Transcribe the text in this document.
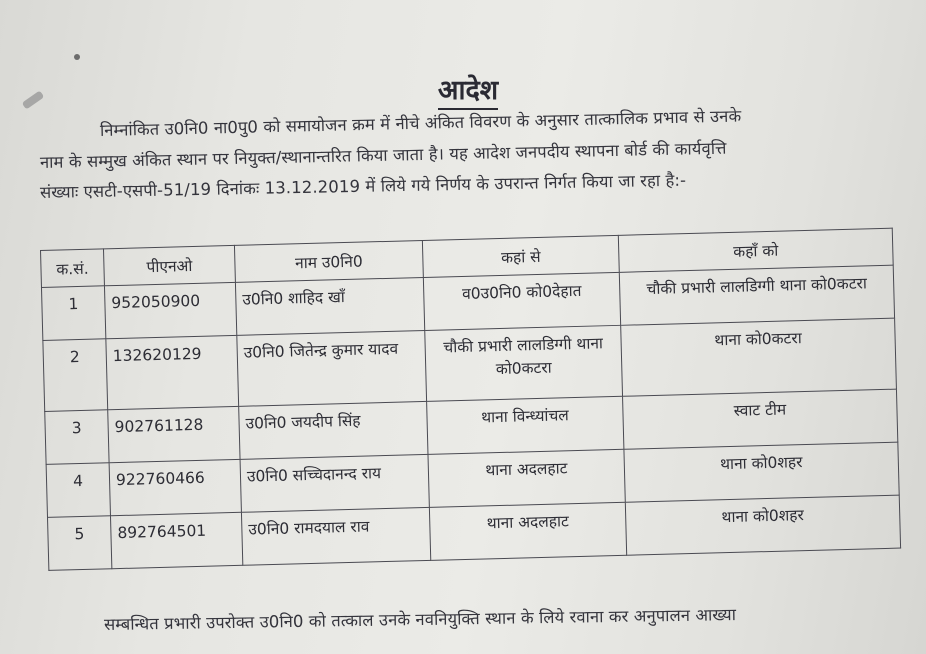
आदेश
निम्नांकित उ0नि0 ना0पु0 को समायोजन क्रम में नीचे अंकित विवरण के अनुसार तात्कालिक प्रभाव से उनके
नाम के सम्मुख अंकित स्थान पर नियुक्त/स्थानान्तरित किया जाता है। यह आदेश जनपदीय स्थापना बोर्ड की कार्यवृत्ति
संख्याः एसटी-एसपी-51/19 दिनांकः 13.12.2019 में लिये गये निर्णय के उपरान्त निर्गत किया जा रहा है:-
क.सं.	पीएनओ	नाम उ0नि0	कहां से	कहॉं को
1	952050900	उ0नि0 शाहिद खॉं	व0उ0नि0 को0देहात	चौकी प्रभारी लालडिग्गी थाना को0कटरा
2	132620129	उ0नि0 जितेन्द्र कुमार यादव	चौकी प्रभारी लालडिग्गी थाना को0कटरा	थाना को0कटरा
3	902761128	उ0नि0 जयदीप सिंह	थाना विन्ध्यांचल	स्वाट टीम
4	922760466	उ0नि0 सच्चिदानन्द राय	थाना अदलहाट	थाना को0शहर
5	892764501	उ0नि0 रामदयाल राव	थाना अदलहाट	थाना को0शहर
सम्बन्धित प्रभारी उपरोक्त उ0नि0 को तत्काल उनके नवनियुक्ति स्थान के लिये रवाना कर अनुपालन आख्या
